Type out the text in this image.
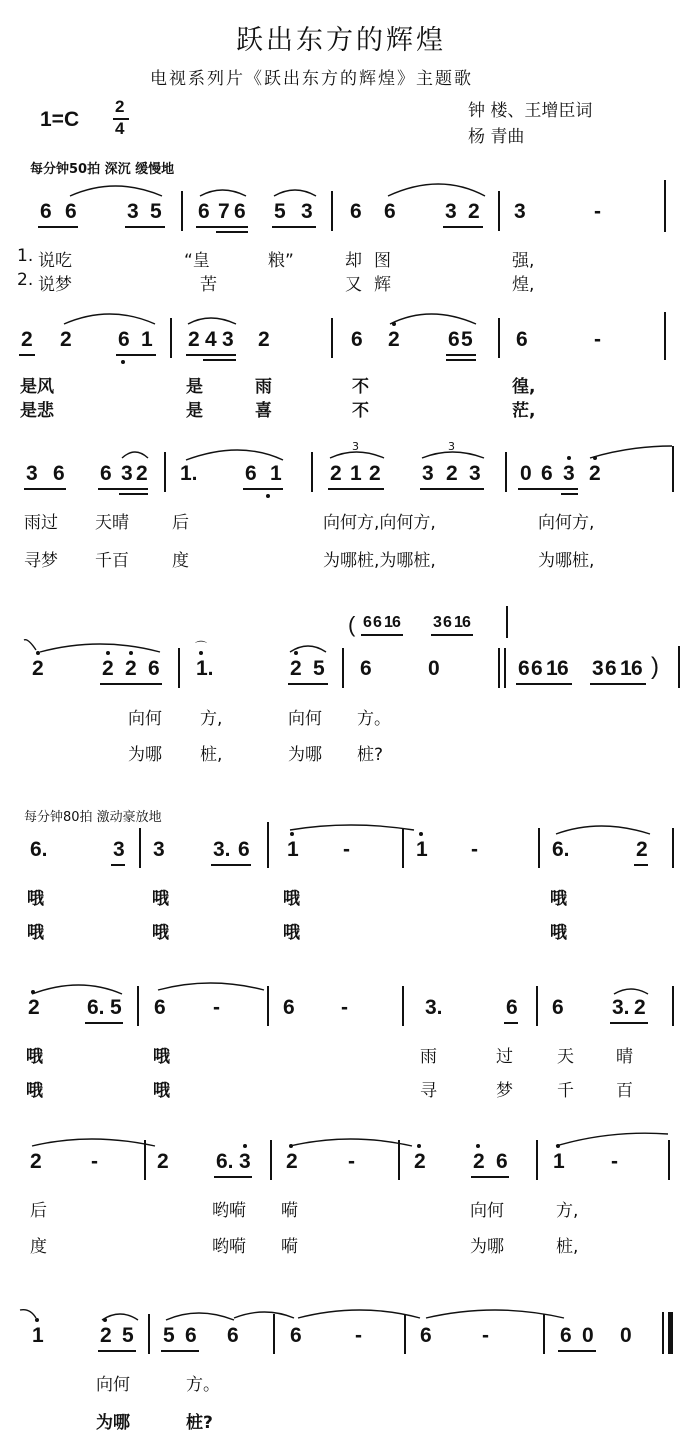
跃出东方的辉煌
电视系列片《跃出东方的辉煌》主题歌
1=C
2
4
钟 楼、王增臣词
杨 青曲
每分钟50拍 深沉 缓慢地
6 6 3 5 6 7 6 5 3 6 6 3 2 3	-
1. 说吃	“皇	粮”	却图	强,
2. 说梦	苦	又辉	煌,
2 2 6 1 2 4 3 2	6 2 6 5 6	-
是风	是	雨	不	徨,
是悲	是	喜	不	茫,
3 6 6 3 2 1. 6 1 2 1 2 3 2 3
3	3
0 6 3 2
雨过 天晴	后	向何方,向何方,	向何方,
寻梦 千百	度	为哪桩,为哪桩,	为哪桩,
( 6 6 1 6 3 6 1 6
2	2 2 6 1.
⌒
2 5 6	0	6 6 1 6 3 6 1 6 )
向何 方,	向何 方。
为哪 桩,	为哪 桩?
每分钟80拍 激动豪放地
6.	3 3 3. 6 1 -	1 -	6.	2
哦	哦	哦	哦
哦	哦	哦	哦
2 6. 5 6 -	6 -	3.	6 6 3. 2
哦	哦	雨	过	天 晴
哦	哦	寻	梦	千 百
2 -	2 6. 3 2 -	2 2 6 1 -
后	哟嗬 嗬	向何	方,
度	哟嗬 嗬	为哪	桩,
1	2 5 5 6 6 6	-	6 -	6 0 0
向何	方。
为哪	桩?
